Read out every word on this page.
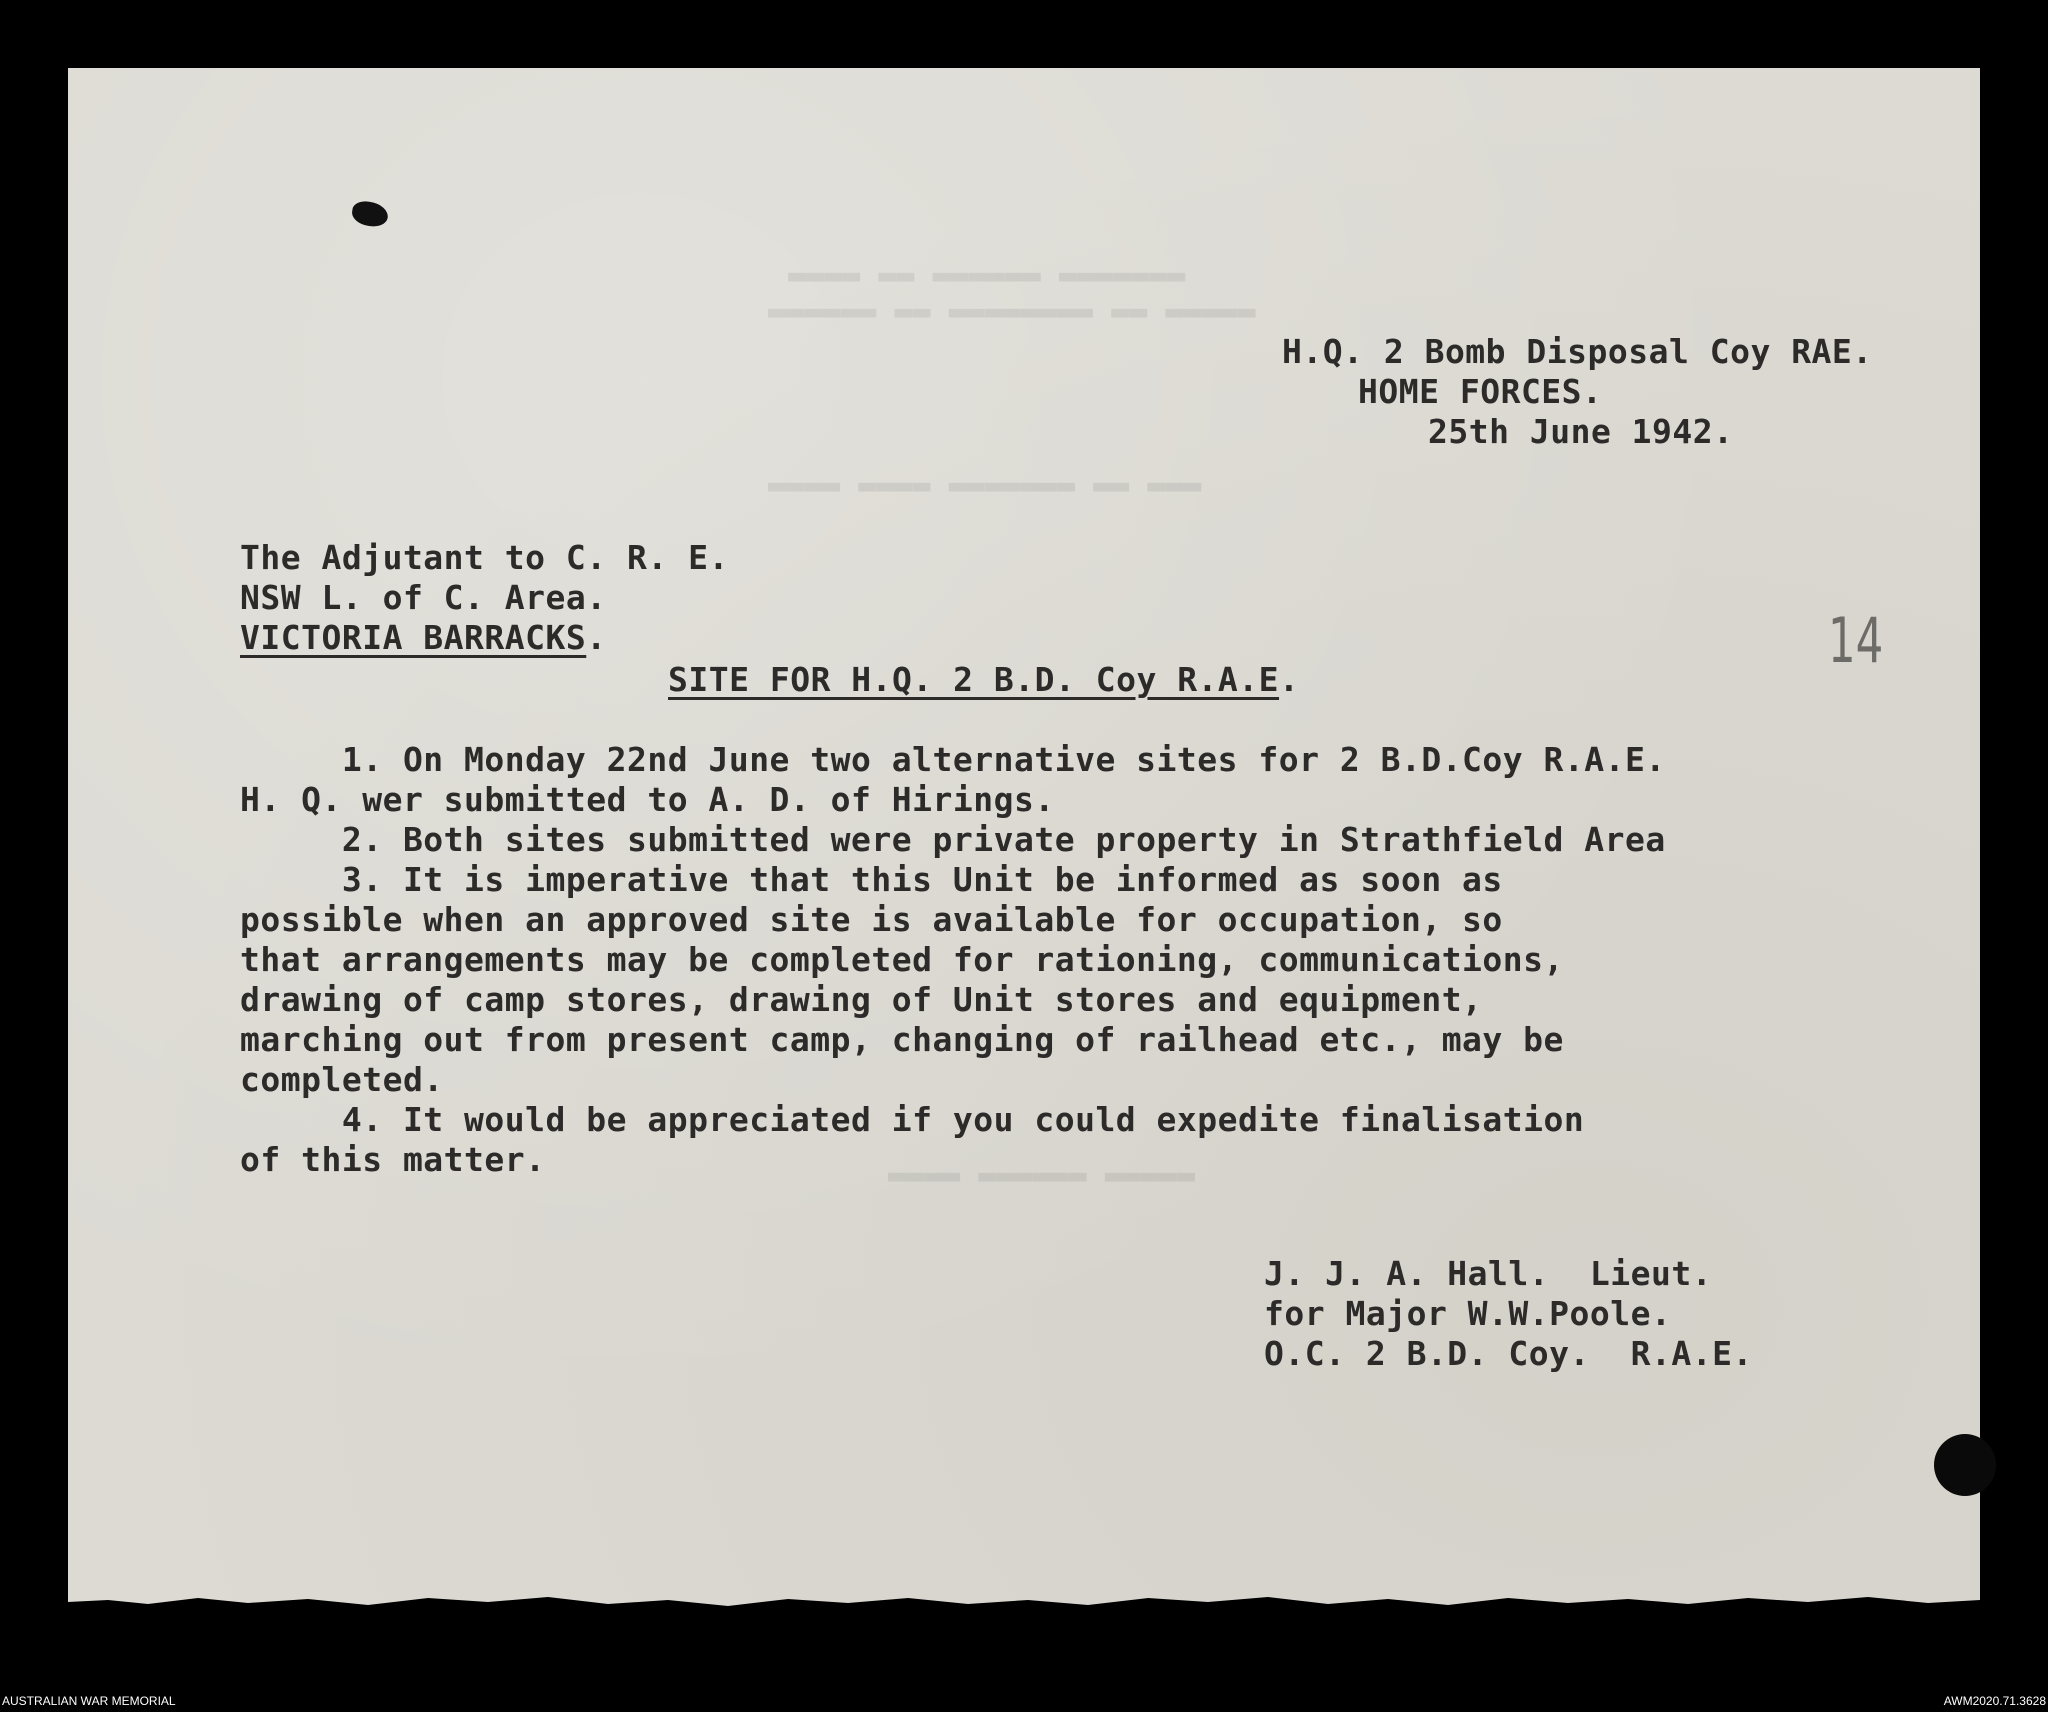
▬▬▬▬ ▬▬ ▬▬▬▬▬▬ ▬▬▬▬▬▬▬
▬▬▬▬▬▬ ▬▬ ▬▬▬▬▬▬▬▬ ▬▬ ▬▬▬▬▬
▬▬▬▬ ▬▬▬▬ ▬▬▬▬▬▬▬ ▬▬ ▬▬▬
▬▬▬▬ ▬▬▬▬▬▬ ▬▬▬▬▬
H.Q. 2 Bomb Disposal Coy RAE.
HOME FORCES.
25th June 1942.
The Adjutant to C. R. E.
NSW L. of C. Area.
VICTORIA BARRACKS.	14
SITE FOR H.Q. 2 B.D. Coy R.A.E.
1. On Monday 22nd June two alternative sites for 2 B.D.Coy R.A.E.
H. Q. wer submitted to A. D. of Hirings.
2. Both sites submitted were private property in Strathfield Area
3. It is imperative that this Unit be informed as soon as
possible when an approved site is available for occupation, so
that arrangements may be completed for rationing, communications,
drawing of camp stores, drawing of Unit stores and equipment,
marching out from present camp, changing of railhead etc., may be
completed.
4. It would be appreciated if you could expedite finalisation
of this matter.
J. J. A. Hall.  Lieut.
for Major W.W.Poole.
O.C. 2 B.D. Coy.  R.A.E.
AUSTRALIAN WAR MEMORIAL	AWM2020.71.3628
